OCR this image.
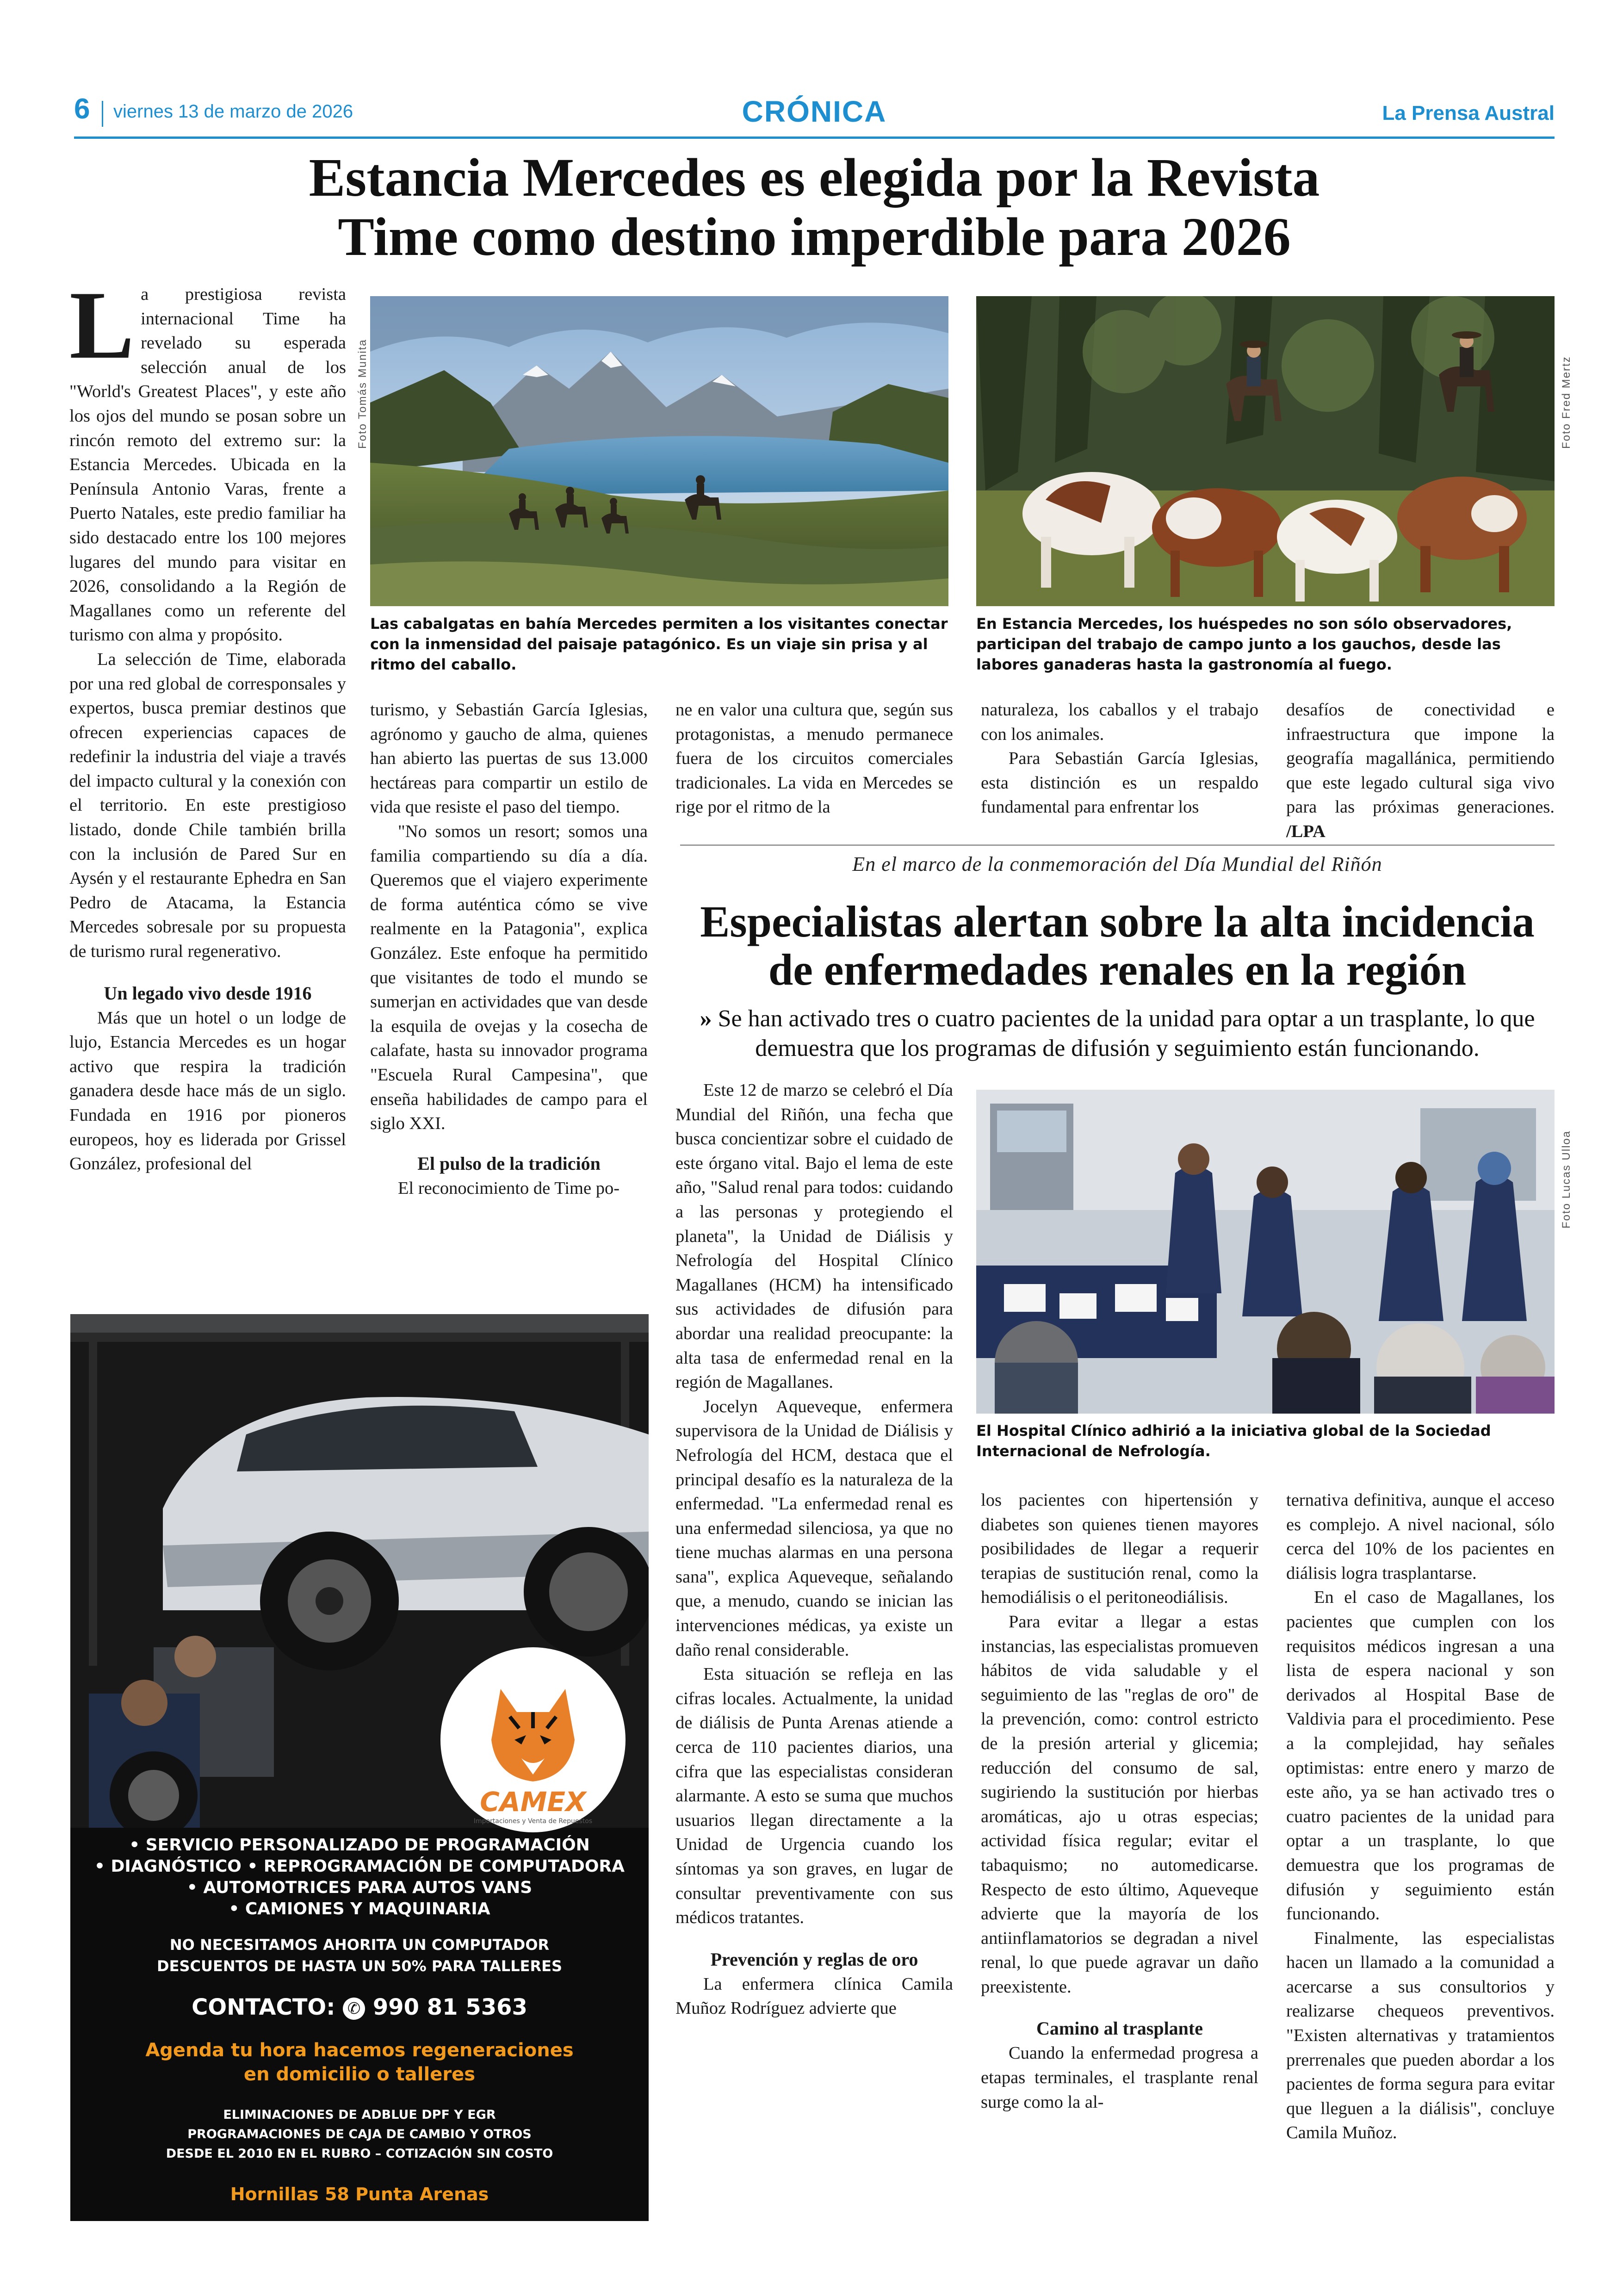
6	viernes 13 de marzo de 2026	CRÓNICA	La Prensa Austral
Estancia Mercedes es elegida por la Revista
Time como destino imperdible para 2026

La prestigiosa revista internacional Time ha revelado su esperada selección anual de los "World's Greatest Places", y este año los ojos del mundo se posan sobre un rincón remoto del extremo sur: la Estancia Mercedes. Ubicada en la Península Antonio Varas, frente a Puerto Natales, este predio familiar ha sido destacado entre los 100 mejores lugares del mundo para visitar en 2026, consolidando a la Región de Magallanes como un referente del turismo con alma y propósito.

La selección de Time, elaborada por una red global de corresponsales y expertos, busca premiar destinos que ofrecen experiencias capaces de redefinir la industria del viaje a través del impacto cultural y la conexión con el territorio. En este prestigioso listado, donde Chile también brilla con la inclusión de Pared Sur en Aysén y el restaurante Ephedra en San Pedro de Atacama, la Estancia Mercedes sobresale por su propuesta de turismo rural regenerativo.

Un legado vivo desde 1916

Más que un hotel o un lodge de lujo, Estancia Mercedes es un hogar activo que respira la tradición ganadera desde hace más de un siglo. Fundada en 1916 por pioneros europeos, hoy es liderada por Grissel González, profesional del

Foto Tomás Munita
Las cabalgatas en bahía Mercedes permiten a los visitantes conectar con la inmensidad del paisaje patagónico. Es un viaje sin prisa y al ritmo del caballo.
Foto Fred Mertz
En Estancia Mercedes, los huéspedes no son sólo observadores, participan del trabajo de campo junto a los gauchos, desde las labores ganaderas hasta la gastronomía al fuego.

turismo, y Sebastián García Iglesias, agrónomo y gaucho de alma, quienes han abierto las puertas de sus 13.000 hectáreas para compartir un estilo de vida que resiste el paso del tiempo.

"No somos un resort; somos una familia compartiendo su día a día. Queremos que el viajero experimente de forma auténtica cómo se vive realmente en la Patagonia", explica González. Este enfoque ha permitido que visitantes de todo el mundo se sumerjan en actividades que van desde la esquila de ovejas y la cosecha de calafate, hasta su innovador programa "Escuela Rural Campesina", que enseña habilidades de campo para el siglo XXI.

El pulso de la tradición

El reconocimiento de Time po-

ne en valor una cultura que, según sus protagonistas, a menudo permanece fuera de los circuitos comerciales tradicionales. La vida en Mercedes se rige por el ritmo de la

naturaleza, los caballos y el trabajo con los animales.

Para Sebastián García Iglesias, esta distinción es un respaldo fundamental para enfrentar los

desafíos de conectividad e infraestructura que impone la geografía magallánica, permitiendo que este legado cultural siga vivo para las próximas generaciones. /LPA

En el marco de la conmemoración del Día Mundial del Riñón
Especialistas alertan sobre la alta incidencia
de enfermedades renales en la región
» Se han activado tres o cuatro pacientes de la unidad para optar a un trasplante, lo que demuestra que los programas de difusión y seguimiento están funcionando.

Este 12 de marzo se celebró el Día Mundial del Riñón, una fecha que busca concientizar sobre el cuidado de este órgano vital. Bajo el lema de este año, "Salud renal para todos: cuidando a las personas y protegiendo el planeta", la Unidad de Diálisis y Nefrología del Hospital Clínico Magallanes (HCM) ha intensificado sus actividades de difusión para abordar una realidad preocupante: la alta tasa de enfermedad renal en la región de Magallanes.

Jocelyn Aqueveque, enfermera supervisora de la Unidad de Diálisis y Nefrología del HCM, destaca que el principal desafío es la naturaleza de la enfermedad. "La enfermedad renal es una enfermedad silenciosa, ya que no tiene muchas alarmas en una persona sana", explica Aqueveque, señalando que, a menudo, cuando se inician las intervenciones médicas, ya existe un daño renal considerable.

Esta situación se refleja en las cifras locales. Actualmente, la unidad de diálisis de Punta Arenas atiende a cerca de 110 pacientes diarios, una cifra que las especialistas consideran alarmante. A esto se suma que muchos usuarios llegan directamente a la Unidad de Urgencia cuando los síntomas ya son graves, en lugar de consultar preventivamente con sus médicos tratantes.

Prevención y reglas de oro

La enfermera clínica Camila Muñoz Rodríguez advierte que

Foto Lucas Ulloa
El Hospital Clínico adhirió a la iniciativa global de la Sociedad Internacional de Nefrología.

los pacientes con hipertensión y diabetes son quienes tienen mayores posibilidades de llegar a requerir terapias de sustitución renal, como la hemodiálisis o el peritoneodiálisis.

Para evitar a llegar a estas instancias, las especialistas promueven hábitos de vida saludable y el seguimiento de las "reglas de oro" de la prevención, como: control estricto de la presión arterial y glicemia; reducción del consumo de sal, sugiriendo la sustitución por hierbas aromáticas, ajo u otras especias; actividad física regular; evitar el tabaquismo; no automedicarse. Respecto de esto último, Aqueveque advierte que la mayoría de los antiinflamatorios se degradan a nivel renal, lo que puede agravar un daño preexistente.

Camino al trasplante

Cuando la enfermedad progresa a etapas terminales, el trasplante renal surge como la al-

ternativa definitiva, aunque el acceso es complejo. A nivel nacional, sólo cerca del 10% de los pacientes en diálisis logra trasplantarse.

En el caso de Magallanes, los pacientes que cumplen con los requisitos médicos ingresan a una lista de espera nacional y son derivados al Hospital Base de Valdivia para el procedimiento. Pese a la complejidad, hay señales optimistas: entre enero y marzo de este año, ya se han activado tres o cuatro pacientes de la unidad para optar a un trasplante, lo que demuestra que los programas de difusión y seguimiento están funcionando.

Finalmente, las especialistas hacen un llamado a la comunidad a acercarse a sus consultorios y realizarse chequeos preventivos. "Existen alternativas y tratamientos prerrenales que pueden abordar a los pacientes de forma segura para evitar que lleguen a la diálisis", concluye Camila Muñoz.

CAMEX
Importaciones y Venta de Repuestos
• SERVICIO PERSONALIZADO DE PROGRAMACIÓN
• DIAGNÓSTICO • REPROGRAMACIÓN DE COMPUTADORA
• AUTOMOTRICES PARA AUTOS VANS
• CAMIONES Y MAQUINARIA
NO NECESITAMOS AHORITA UN COMPUTADOR
DESCUENTOS DE HASTA UN 50% PARA TALLERES
CONTACTO: ✆ 990 81 5363
Agenda tu hora hacemos regeneraciones
en domicilio o talleres
ELIMINACIONES DE ADBLUE DPF Y EGR
PROGRAMACIONES DE CAJA DE CAMBIO Y OTROS
DESDE EL 2010 EN EL RUBRO – COTIZACIÓN SIN COSTO
Hornillas 58 Punta Arenas
